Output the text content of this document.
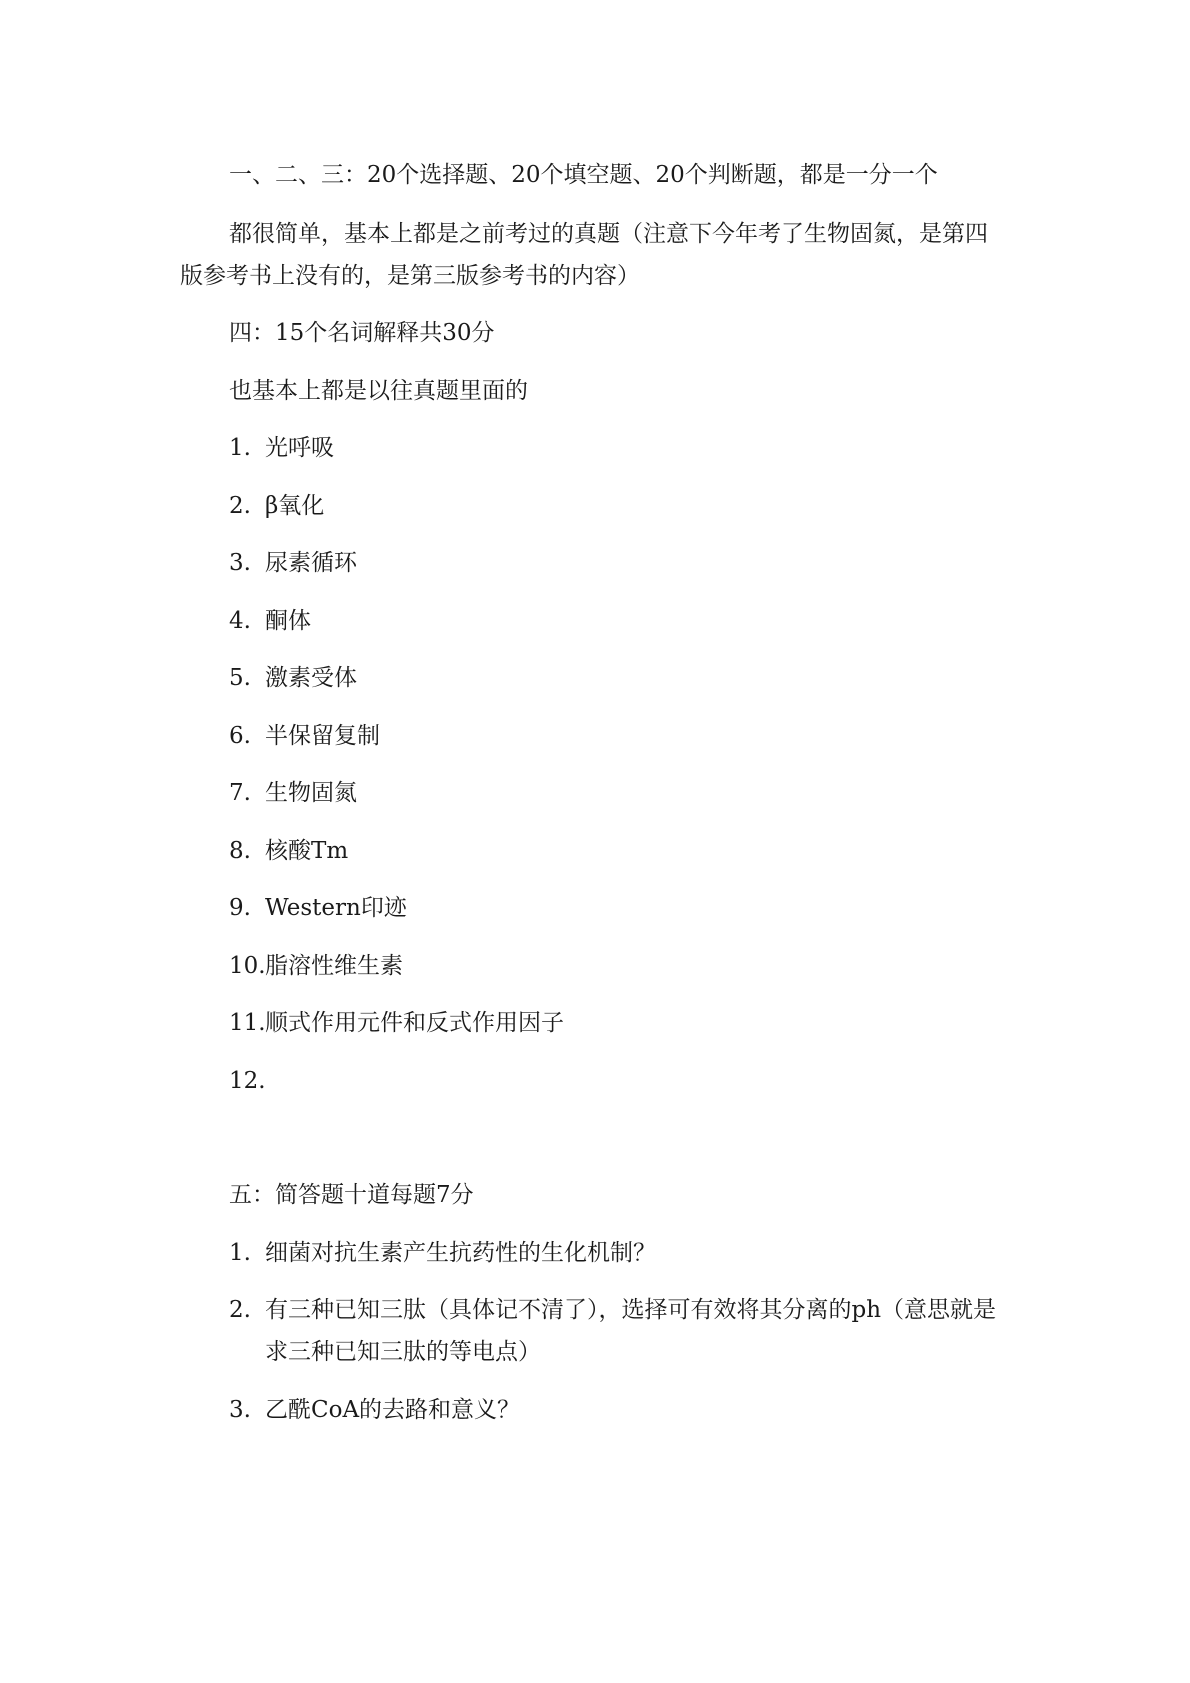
一、二、三：20个选择题、20个填空题、20个判断题，都是一分一个
都很简单，基本上都是之前考过的真题（注意下今年考了生物固氮，是第四
版参考书上没有的，是第三版参考书的内容）
四：15个名词解释共30分
也基本上都是以往真题里面的
1. 光呼吸
2. β氧化
3. 尿素循环
4. 酮体
5. 激素受体
6. 半保留复制
7. 生物固氮
8. 核酸Tm
9. Western印迹
10.脂溶性维生素
11.顺式作用元件和反式作用因子
12.
五：简答题十道每题7分
1. 细菌对抗生素产生抗药性的生化机制？
2. 有三种已知三肽（具体记不清了），选择可有效将其分离的ph（意思就是
求三种已知三肽的等电点）
3. 乙酰CoA的去路和意义？
